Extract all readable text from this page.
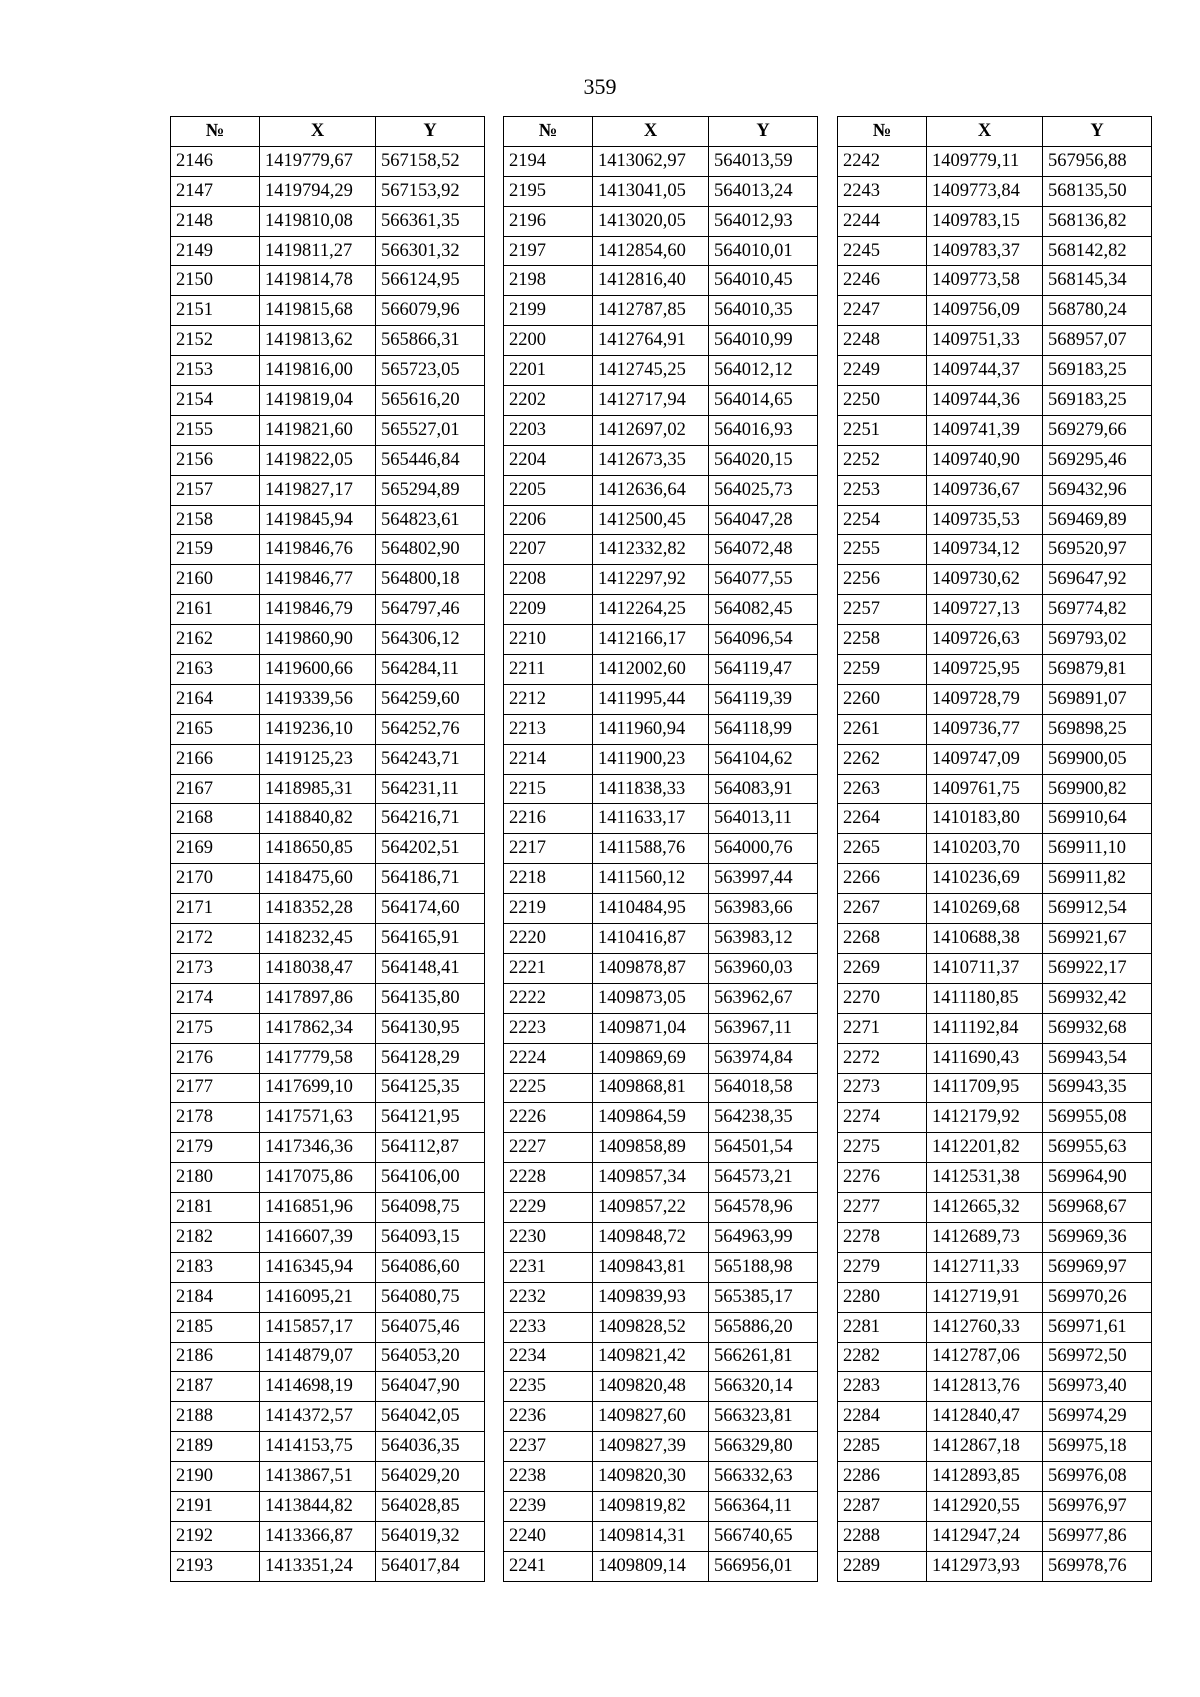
359
№	X	Y
2146	1419779,67	567158,52
2147	1419794,29	567153,92
2148	1419810,08	566361,35
2149	1419811,27	566301,32
2150	1419814,78	566124,95
2151	1419815,68	566079,96
2152	1419813,62	565866,31
2153	1419816,00	565723,05
2154	1419819,04	565616,20
2155	1419821,60	565527,01
2156	1419822,05	565446,84
2157	1419827,17	565294,89
2158	1419845,94	564823,61
2159	1419846,76	564802,90
2160	1419846,77	564800,18
2161	1419846,79	564797,46
2162	1419860,90	564306,12
2163	1419600,66	564284,11
2164	1419339,56	564259,60
2165	1419236,10	564252,76
2166	1419125,23	564243,71
2167	1418985,31	564231,11
2168	1418840,82	564216,71
2169	1418650,85	564202,51
2170	1418475,60	564186,71
2171	1418352,28	564174,60
2172	1418232,45	564165,91
2173	1418038,47	564148,41
2174	1417897,86	564135,80
2175	1417862,34	564130,95
2176	1417779,58	564128,29
2177	1417699,10	564125,35
2178	1417571,63	564121,95
2179	1417346,36	564112,87
2180	1417075,86	564106,00
2181	1416851,96	564098,75
2182	1416607,39	564093,15
2183	1416345,94	564086,60
2184	1416095,21	564080,75
2185	1415857,17	564075,46
2186	1414879,07	564053,20
2187	1414698,19	564047,90
2188	1414372,57	564042,05
2189	1414153,75	564036,35
2190	1413867,51	564029,20
2191	1413844,82	564028,85
2192	1413366,87	564019,32
2193	1413351,24	564017,84
№	X	Y
2194	1413062,97	564013,59
2195	1413041,05	564013,24
2196	1413020,05	564012,93
2197	1412854,60	564010,01
2198	1412816,40	564010,45
2199	1412787,85	564010,35
2200	1412764,91	564010,99
2201	1412745,25	564012,12
2202	1412717,94	564014,65
2203	1412697,02	564016,93
2204	1412673,35	564020,15
2205	1412636,64	564025,73
2206	1412500,45	564047,28
2207	1412332,82	564072,48
2208	1412297,92	564077,55
2209	1412264,25	564082,45
2210	1412166,17	564096,54
2211	1412002,60	564119,47
2212	1411995,44	564119,39
2213	1411960,94	564118,99
2214	1411900,23	564104,62
2215	1411838,33	564083,91
2216	1411633,17	564013,11
2217	1411588,76	564000,76
2218	1411560,12	563997,44
2219	1410484,95	563983,66
2220	1410416,87	563983,12
2221	1409878,87	563960,03
2222	1409873,05	563962,67
2223	1409871,04	563967,11
2224	1409869,69	563974,84
2225	1409868,81	564018,58
2226	1409864,59	564238,35
2227	1409858,89	564501,54
2228	1409857,34	564573,21
2229	1409857,22	564578,96
2230	1409848,72	564963,99
2231	1409843,81	565188,98
2232	1409839,93	565385,17
2233	1409828,52	565886,20
2234	1409821,42	566261,81
2235	1409820,48	566320,14
2236	1409827,60	566323,81
2237	1409827,39	566329,80
2238	1409820,30	566332,63
2239	1409819,82	566364,11
2240	1409814,31	566740,65
2241	1409809,14	566956,01
№	X	Y
2242	1409779,11	567956,88
2243	1409773,84	568135,50
2244	1409783,15	568136,82
2245	1409783,37	568142,82
2246	1409773,58	568145,34
2247	1409756,09	568780,24
2248	1409751,33	568957,07
2249	1409744,37	569183,25
2250	1409744,36	569183,25
2251	1409741,39	569279,66
2252	1409740,90	569295,46
2253	1409736,67	569432,96
2254	1409735,53	569469,89
2255	1409734,12	569520,97
2256	1409730,62	569647,92
2257	1409727,13	569774,82
2258	1409726,63	569793,02
2259	1409725,95	569879,81
2260	1409728,79	569891,07
2261	1409736,77	569898,25
2262	1409747,09	569900,05
2263	1409761,75	569900,82
2264	1410183,80	569910,64
2265	1410203,70	569911,10
2266	1410236,69	569911,82
2267	1410269,68	569912,54
2268	1410688,38	569921,67
2269	1410711,37	569922,17
2270	1411180,85	569932,42
2271	1411192,84	569932,68
2272	1411690,43	569943,54
2273	1411709,95	569943,35
2274	1412179,92	569955,08
2275	1412201,82	569955,63
2276	1412531,38	569964,90
2277	1412665,32	569968,67
2278	1412689,73	569969,36
2279	1412711,33	569969,97
2280	1412719,91	569970,26
2281	1412760,33	569971,61
2282	1412787,06	569972,50
2283	1412813,76	569973,40
2284	1412840,47	569974,29
2285	1412867,18	569975,18
2286	1412893,85	569976,08
2287	1412920,55	569976,97
2288	1412947,24	569977,86
2289	1412973,93	569978,76
